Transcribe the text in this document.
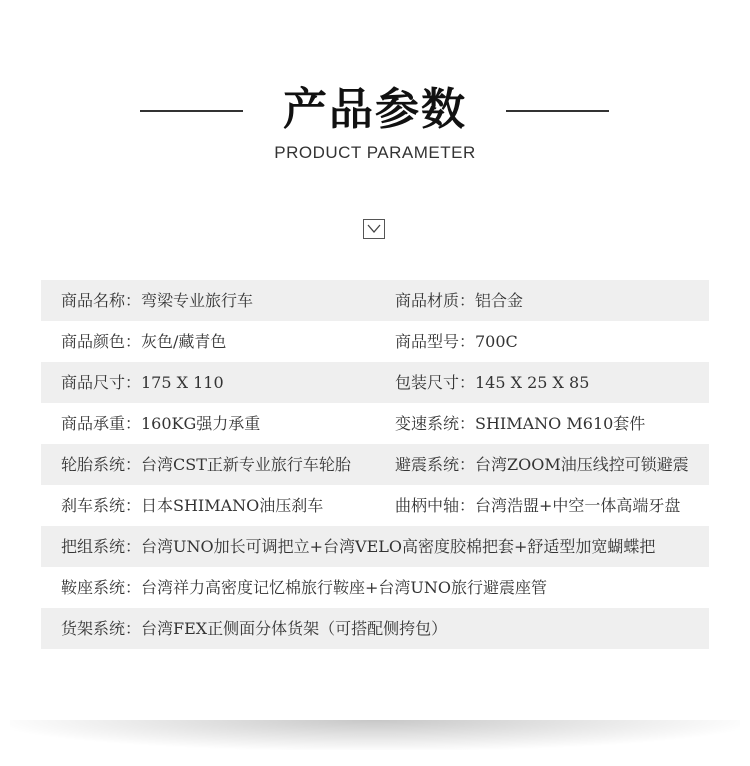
产品参数
PRODUCT PARAMETER
商品名称：弯梁专业旅行车	商品材质：铝合金
商品颜色：灰色/藏青色	商品型号：700C
商品尺寸：175 X 110	包装尺寸：145 X 25 X 85
商品承重：160KG强力承重	变速系统：SHIMANO M610套件
轮胎系统：台湾CST正新专业旅行车轮胎	避震系统：台湾ZOOM油压线控可锁避震
刹车系统：日本SHIMANO油压刹车	曲柄中轴：台湾浩盟+中空一体高端牙盘
把组系统：台湾UNO加长可调把立+台湾VELO高密度胶棉把套+舒适型加宽蝴蝶把
鞍座系统：台湾祥力高密度记忆棉旅行鞍座+台湾UNO旅行避震座管
货架系统：台湾FEX正侧面分体货架（可搭配侧挎包）
